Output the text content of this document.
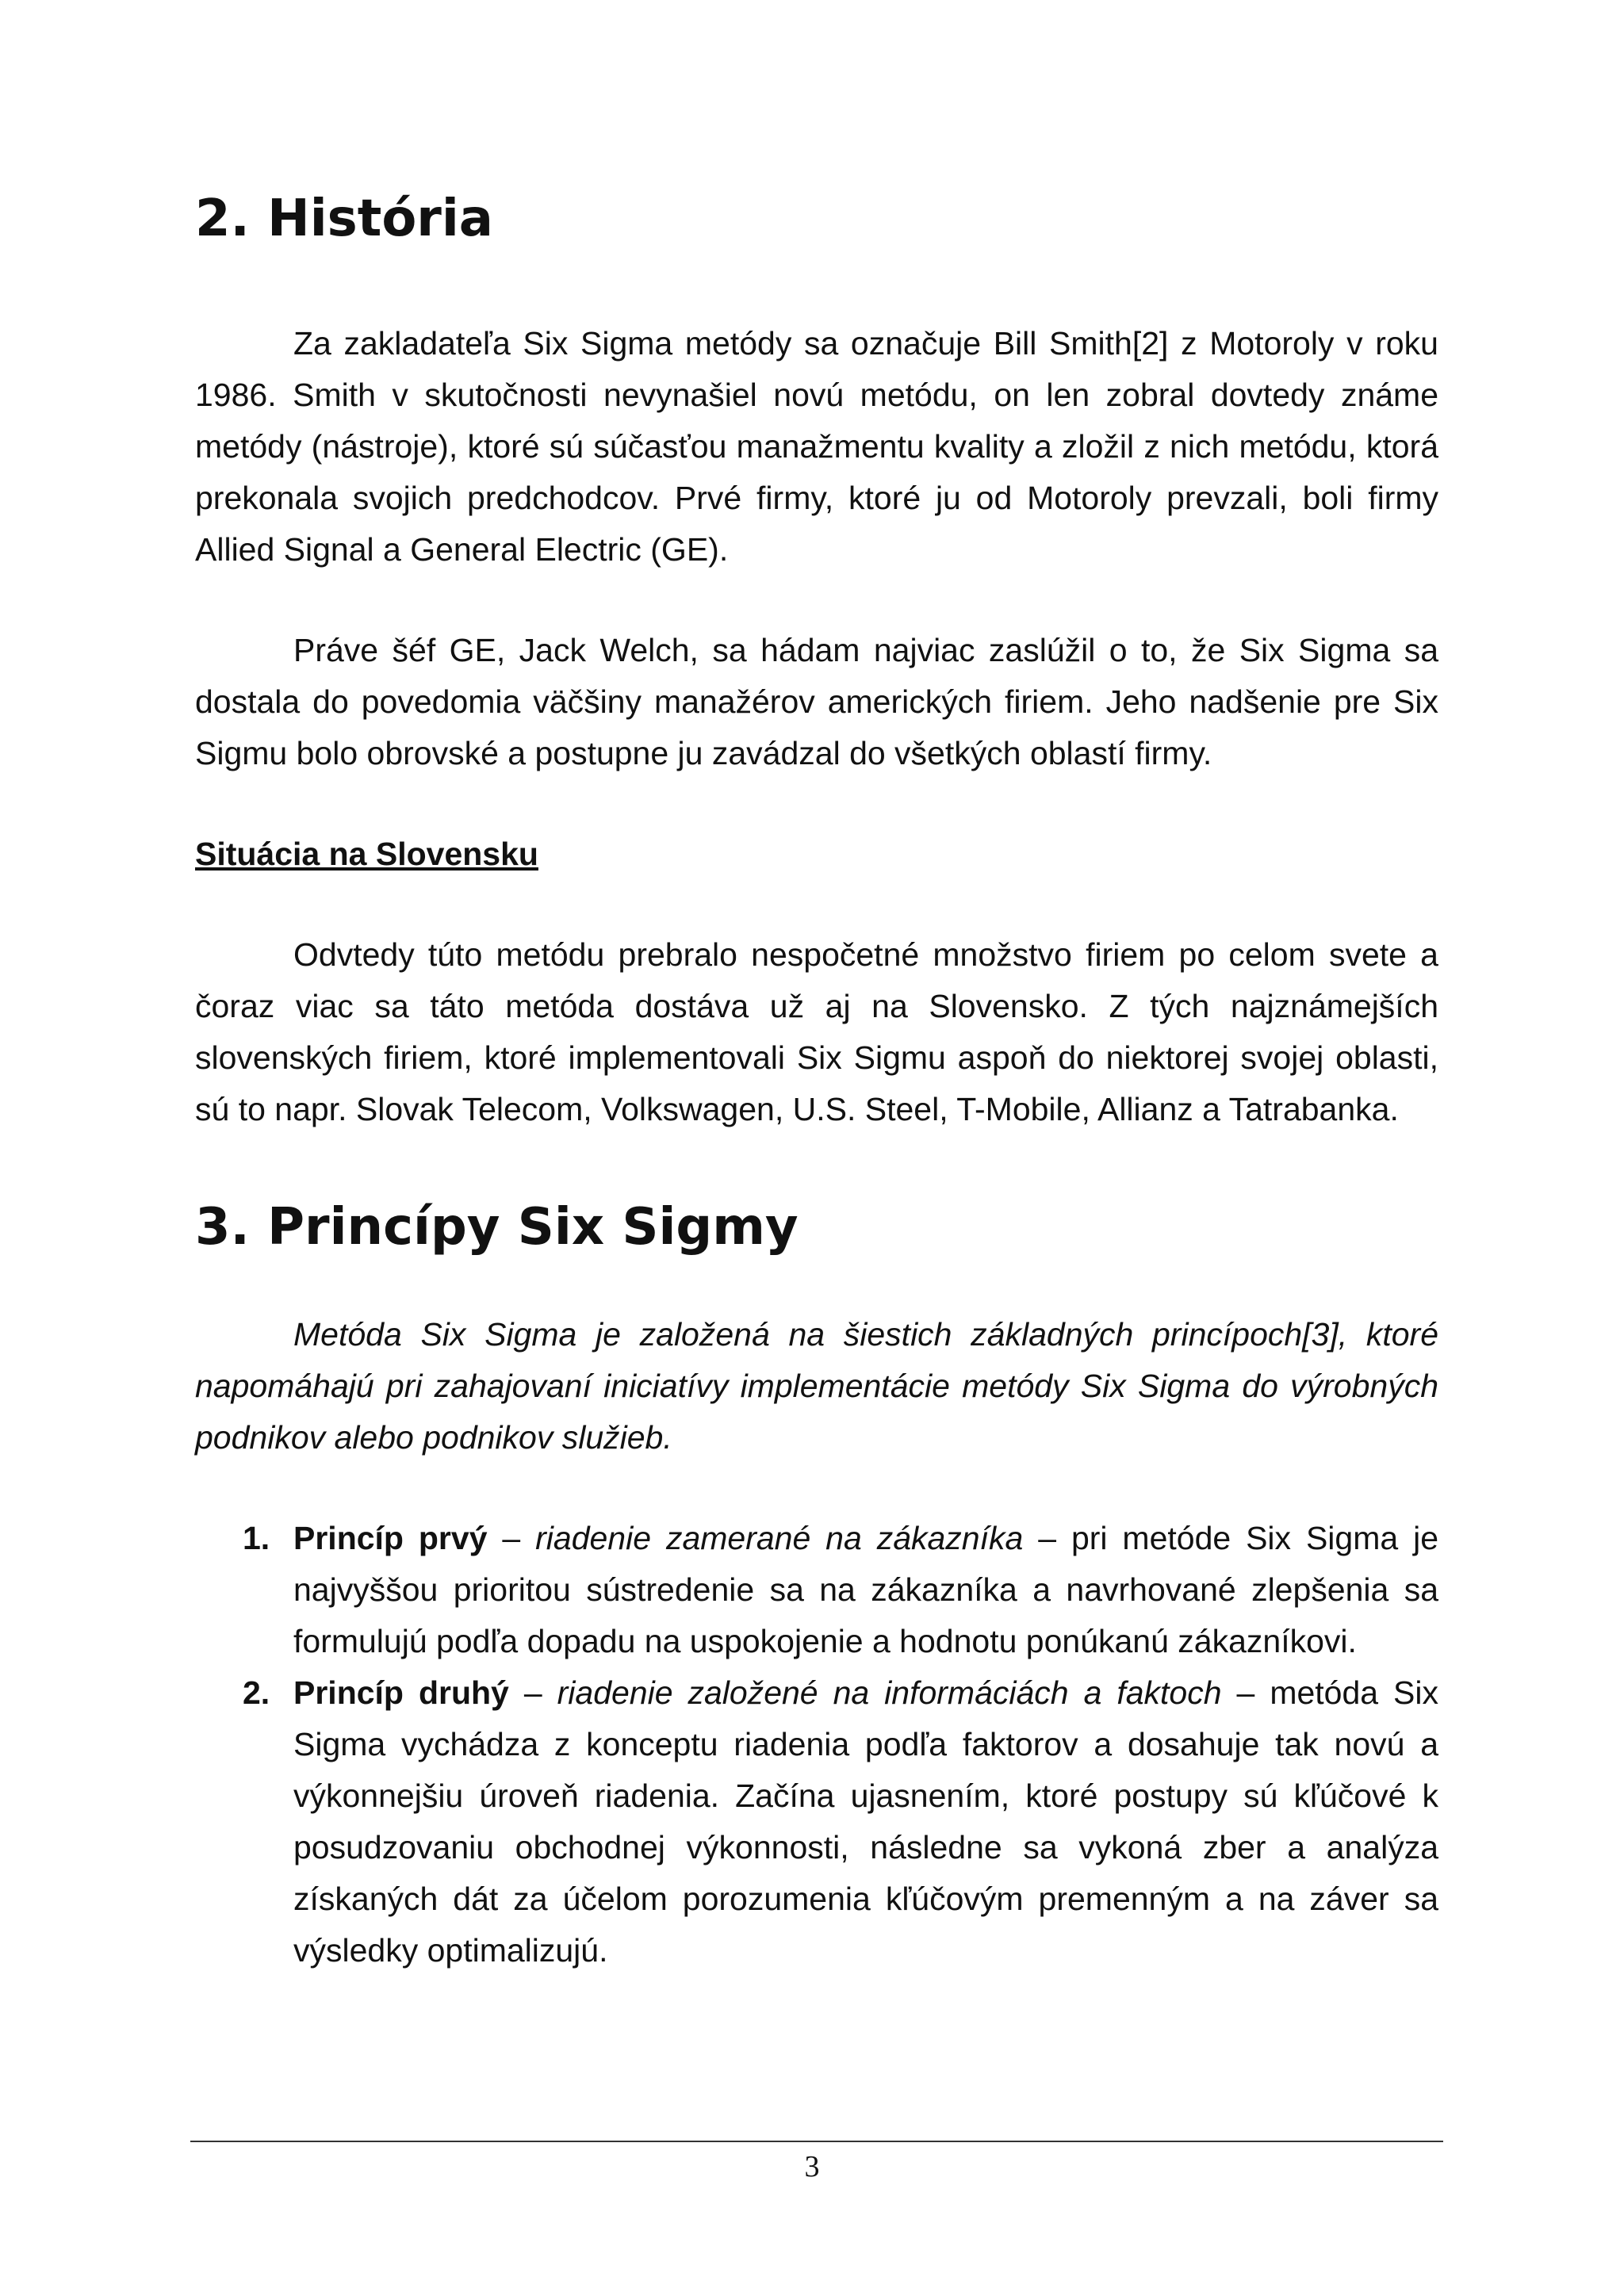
2. História

Za zakladateľa Six Sigma metódy sa označuje Bill Smith[2] z Motoroly v roku 1986. Smith v skutočnosti nevynašiel novú metódu, on len zobral dovtedy známe metódy (nástroje), ktoré sú súčasťou manažmentu kvality a zložil z nich metódu, ktorá prekonala svojich predchodcov. Prvé firmy, ktoré ju od Motoroly prevzali, boli firmy Allied Signal a General Electric (GE).

Práve šéf GE, Jack Welch, sa hádam najviac zaslúžil o to, že Six Sigma sa dostala do povedomia väčšiny manažérov amerických firiem. Jeho nadšenie pre Six Sigmu bolo obrovské a postupne ju zavádzal do všetkých oblastí firmy.

Situácia na Slovensku

Odvtedy túto metódu prebralo nespočetné množstvo firiem po celom svete a čoraz viac sa táto metóda dostáva už aj na Slovensko. Z tých najznámejších slovenských firiem, ktoré implementovali Six Sigmu aspoň do niektorej svojej oblasti, sú to napr. Slovak Telecom, Volkswagen, U.S. Steel, T-Mobile, Allianz a Tatrabanka.

3. Princípy Six Sigmy

Metóda Six Sigma je založená na šiestich základných princípoch[3], ktoré napomáhajú pri zahajovaní iniciatívy implementácie metódy Six Sigma do výrobných podnikov alebo podnikov služieb.

1. Princíp prvý – riadenie zamerané na zákazníka – pri metóde Six Sigma je najvyššou prioritou sústredenie sa na zákazníka a navrhované zlepšenia sa formulujú podľa dopadu na uspokojenie a hodnotu ponúkanú zákazníkovi.
2. Princíp druhý – riadenie založené na informáciách a faktoch – metóda Six Sigma vychádza z konceptu riadenia podľa faktorov a dosahuje tak novú a výkonnejšiu úroveň riadenia. Začína ujasnením, ktoré postupy sú kľúčové k posudzovaniu obchodnej výkonnosti, následne sa vykoná zber a analýza získaných dát za účelom porozumenia kľúčovým premenným a na záver sa výsledky optimalizujú.
3
